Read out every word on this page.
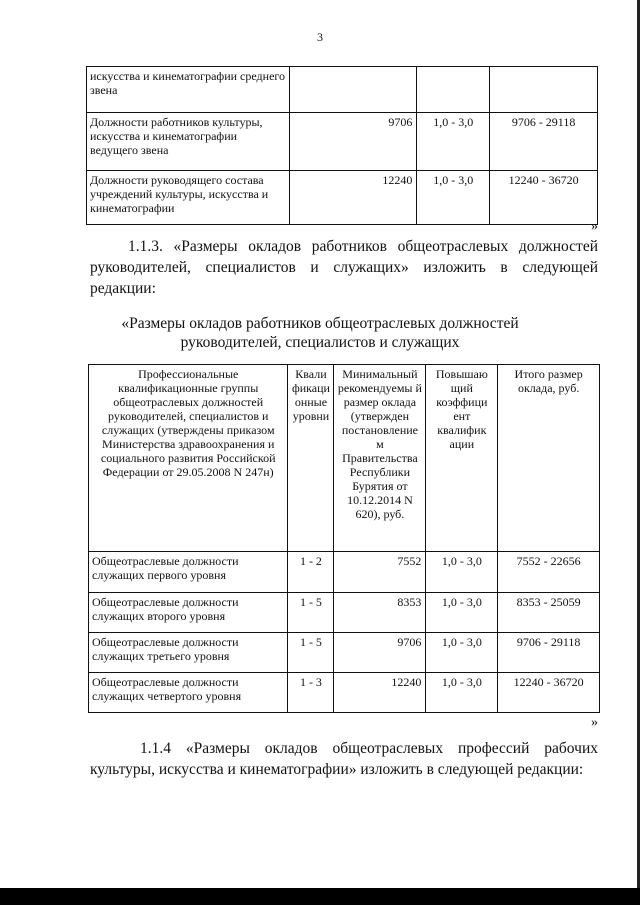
3
искусства и кинематографии среднего звена			
Должности работников культуры, искусства и кинематографии ведущего звена	9706	1,0 - 3,0	9706 - 29118
Должности руководящего состава учреждений культуры, искусства и кинематографии	12240	1,0 - 3,0	12240 - 36720
»
1.1.3. «Размеры окладов работников общеотраслевых должностей руководителей, специалистов и служащих» изложить в следующей редакции:
«Размеры окладов работников общеотраслевых должностей
руководителей, специалистов и служащих
Профессиональные квалификационные группы общеотраслевых должностей руководителей, специалистов и служащих (утверждены приказом Министерства здравоохранения и социального развития Российской Федерации от 29.05.2008 N 247н)	Квали фикаци онные уровни	Минимальный рекомендуемы й размер оклада (утвержден постановление м Правительства Республики Бурятия от 10.12.2014 N 620), руб.	Повышаю щий коэффици ент квалифик ации	Итого размер оклада, руб.
Общеотраслевые должности служащих первого уровня	1 - 2	7552	1,0 - 3,0	7552 - 22656
Общеотраслевые должности служащих второго уровня	1 - 5	8353	1,0 - 3,0	8353 - 25059
Общеотраслевые должности служащих третьего уровня	1 - 5	9706	1,0 - 3,0	9706 - 29118
Общеотраслевые должности служащих четвертого уровня	1 - 3	12240	1,0 - 3,0	12240 - 36720
»
1.1.4 «Размеры окладов общеотраслевых профессий рабочих культуры, искусства и кинематографии» изложить в следующей редакции:
